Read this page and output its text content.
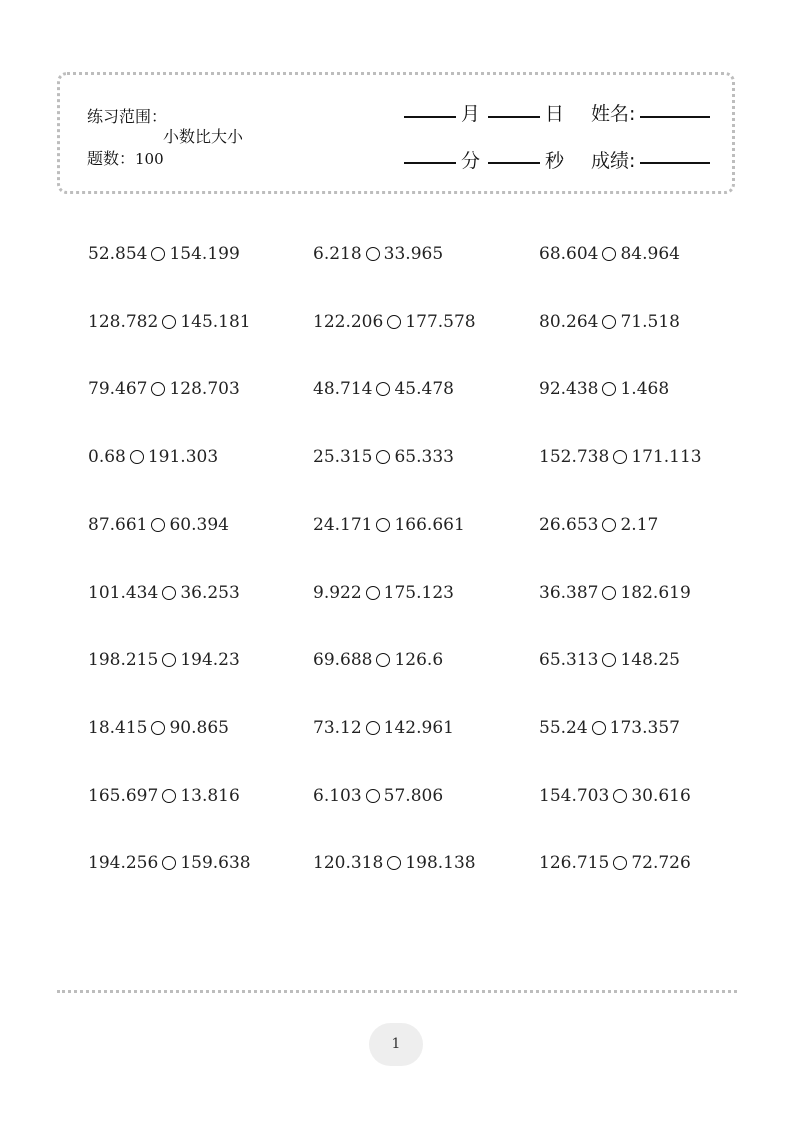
练习范围：
小数比大小
题数：100
月	日 姓名:
分	秒 成绩:
52.854 154.199	6.218 33.965	68.604 84.964
128.782 145.181	122.206 177.578	80.264 71.518
79.467 128.703	48.714 45.478	92.438 1.468
0.68 191.303	25.315 65.333	152.738 171.113
87.661 60.394	24.171 166.661	26.653 2.17
101.434 36.253	9.922 175.123	36.387 182.619
198.215 194.23	69.688 126.6	65.313 148.25
18.415 90.865	73.12 142.961	55.24 173.357
165.697 13.816	6.103 57.806	154.703 30.616
194.256 159.638	120.318 198.138	126.715 72.726
1
